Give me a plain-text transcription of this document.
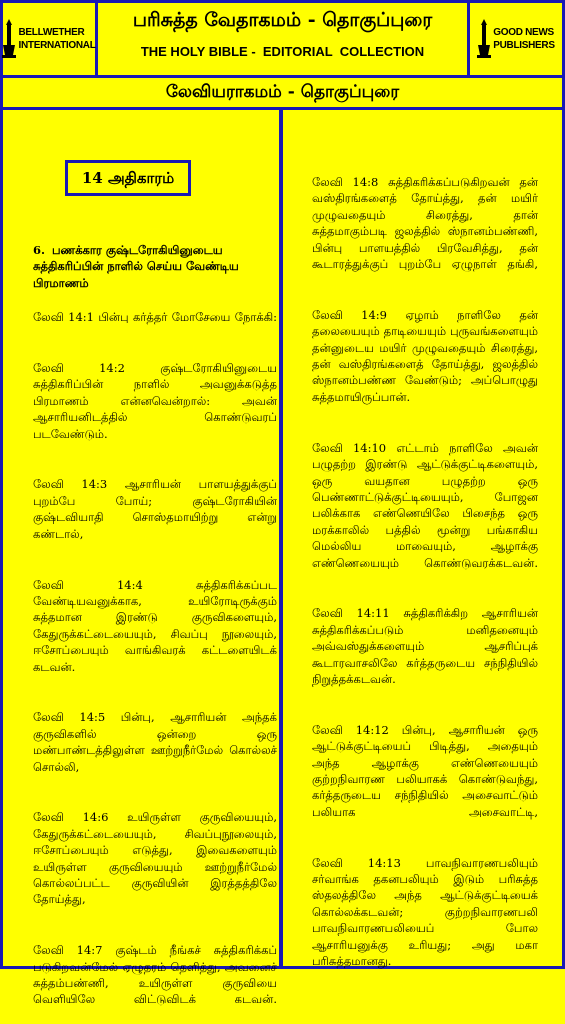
BELLWETHER
INTERNATIONAL
பரிசுத்த வேதாகமம் - தொகுப்புரை
THE HOLY BIBLE -  EDITORIAL  COLLECTION
GOOD NEWS
PUBLISHERS
லேவியராகமம் - தொகுப்புரை
14 அதிகாரம்
6. பணக்கார குஷ்டரோகியினுடைய சுத்திகரிப்பின் நாளில் செய்ய வேண்டிய பிரமாணம்

லேவி 14:1 பின்பு கர்த்தர் மோசேயை நோக்கி:

லேவி 14:2 குஷ்டரோகியினுடைய சுத்திகரிப்பின் நாளில் அவனுக்கடுத்த பிரமாணம் என்னவென்றால்: அவன் ஆசாரியனிடத்தில் கொண்டுவரப் படவேண்டும்.

லேவி 14:3 ஆசாரியன் பாளயத்துக்குப் புறம்பே போய்; குஷ்டரோகியின் குஷ்டவியாதி சொஸ்தமாயிற்று என்று கண்டால்,

லேவி 14:4 சுத்திகரிக்கப்பட வேண்டியவனுக்காக, உயிரோடிருக்கும் சுத்தமான இரண்டு குருவிகளையும், கேதுருக்கட்டையையும், சிவப்பு நூலையும், ஈசோப்பையும் வாங்கிவரக் கட்டளையிடக் கடவன்.

லேவி 14:5 பின்பு, ஆசாரியன் அந்தக் குருவிகளில் ஒன்றை ஒரு மண்பாண்டத்திலுள்ள ஊற்றுநீர்மேல் கொல்லச் சொல்லி,

லேவி 14:6 உயிருள்ள குருவியையும், கேதுருக்கட்டையையும், சிவப்புநூலையும், ஈசோப்பையும் எடுத்து, இவைகளையும் உயிருள்ள குருவியையும் ஊற்றுநீர்மேல் கொல்லப்பட்ட குருவியின் இரத்தத்திலே தோய்த்து,

லேவி 14:7 குஷ்டம் நீங்கச் சுத்திகரிக்கப் படுகிறவன்மேல் ஏழுதரம் தெளித்து, அவனைச் சுத்தம்பண்ணி, உயிருள்ள குருவியை வெளியிலே விட்டுவிடக் கடவன்.

லேவி 14:8 சுத்திகரிக்கப்படுகிறவன் தன் வஸ்திரங்களைத் தோய்த்து, தன் மயிர் முழுவதையும் சிரைத்து, தான் சுத்தமாகும்படி ஜலத்தில் ஸ்நானம்பண்ணி, பின்பு பாளயத்தில் பிரவேசித்து, தன் கூடாரத்துக்குப் புறம்பே ஏழுநாள் தங்கி,

லேவி 14:9 ஏழாம் நாளிலே தன் தலையையும் தாடியையும் புருவங்களையும் தன்னுடைய மயிர் முழுவதையும் சிரைத்து, தன் வஸ்திரங்களைத் தோய்த்து, ஜலத்தில் ஸ்நானம்பண்ண வேண்டும்; அப்பொழுது சுத்தமாயிருப்பான்.

லேவி 14:10 எட்டாம் நாளிலே அவன் பழுதற்ற இரண்டு ஆட்டுக்குட்டிகளையும், ஒரு வயதான பழுதற்ற ஒரு பெண்ணாட்டுக்குட்டியையும், போஜன பலிக்காக எண்ணெயிலே பிசைந்த ஒரு மரக்காலில் பத்தில் மூன்று பங்காகிய மெல்லிய மாவையும், ஆழாக்கு எண்ணெயையும் கொண்டுவரக்கடவன்.

லேவி 14:11 சுத்திகரிக்கிற ஆசாரியன் சுத்திகரிக்கப்படும் மனிதனையும் அவ்வஸ்துக்களையும் ஆசரிப்புக் கூடாரவாசலிலே கர்த்தருடைய சந்நிதியில் நிறுத்தக்கடவன்.

லேவி 14:12 பின்பு, ஆசாரியன் ஒரு ஆட்டுக்குட்டியைப் பிடித்து, அதையும் அந்த ஆழாக்கு எண்ணெயையும் குற்றநிவாரண பலியாகக் கொண்டுவந்து, கர்த்தருடைய சந்நிதியில் அசைவாட்டும் பலியாக அசைவாட்டி,

லேவி 14:13 பாவநிவாரணபலியும் சர்வாங்க தகனபலியும் இடும் பரிசுத்த ஸ்தலத்திலே அந்த ஆட்டுக்குட்டியைக் கொல்லக்கடவன்; குற்றநிவாரணபலி பாவநிவாரணபலியைப் போல ஆசாரியனுக்கு உரியது; அது மகா பரிசுத்தமானது.
